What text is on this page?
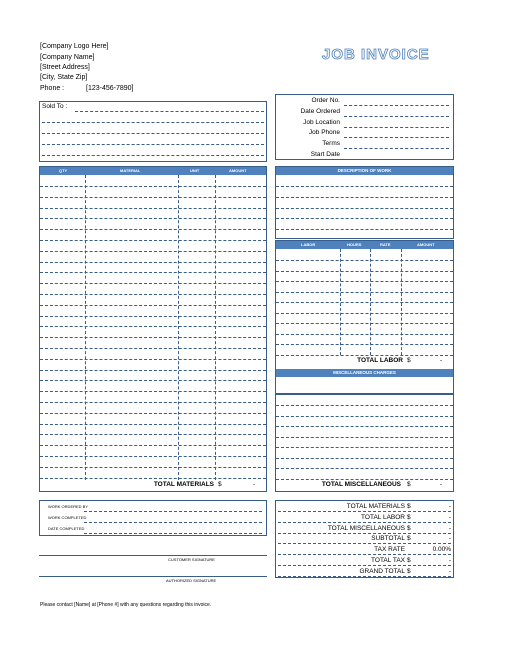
[Company Logo Here]
[Company Name]
[Street Address]
[City, State Zip]
Phone :	[123-456-7890]
JOB INVOICE
Sold To :
Order No.
Date Ordered
Job Location
Job Phone
Terms
Start Date
QTY	MATERIAL	UNIT	AMOUNT
TOTAL MATERIALS $	-
DESCRIPTION OF WORK
LABOR	HOURS	RATE	AMOUNT
TOTAL LABOR $	-
MISCELLANEOUS CHARGES
TOTAL MISCELLANEOUS $	-
WORK ORDERED BY
WORK COMPLETED
DATE COMPLETED
TOTAL MATERIALS $	-
TOTAL LABOR $	-
TOTAL MISCELLANEOUS $	-
SUBTOTAL $	-
TAX RATE	0.00%
TOTAL TAX $	-
GRAND TOTAL $	-
CUSTOMER SIGNATURE
AUTHORIZED SIGNATURE
Please contact [Name] at [Phone #] with any questions regarding this invoice.
